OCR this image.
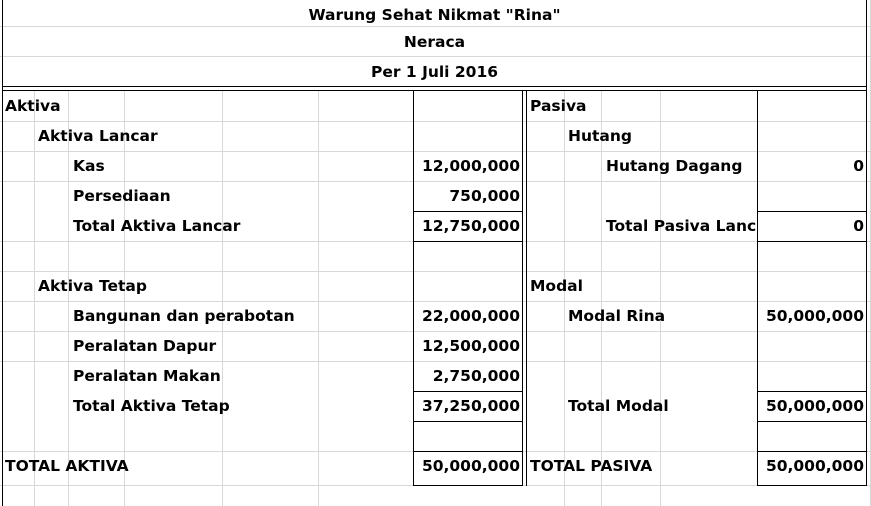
Warung Sehat Nikmat "Rina"
Neraca
Per 1 Juli 2016
Aktiva
Aktiva Lancar
Kas	12,000,000
Persediaan	750,000
Total Aktiva Lancar	12,750,000
Aktiva Tetap
Bangunan dan perabotan	22,000,000
Peralatan Dapur	12,500,000
Peralatan Makan	2,750,000
Total Aktiva Tetap	37,250,000
TOTAL AKTIVA	50,000,000
Pasiva
Hutang
Hutang Dagang	0
Total Pasiva Lanc	0
Modal
Modal Rina	50,000,000
Total Modal	50,000,000
TOTAL PASIVA	50,000,000
